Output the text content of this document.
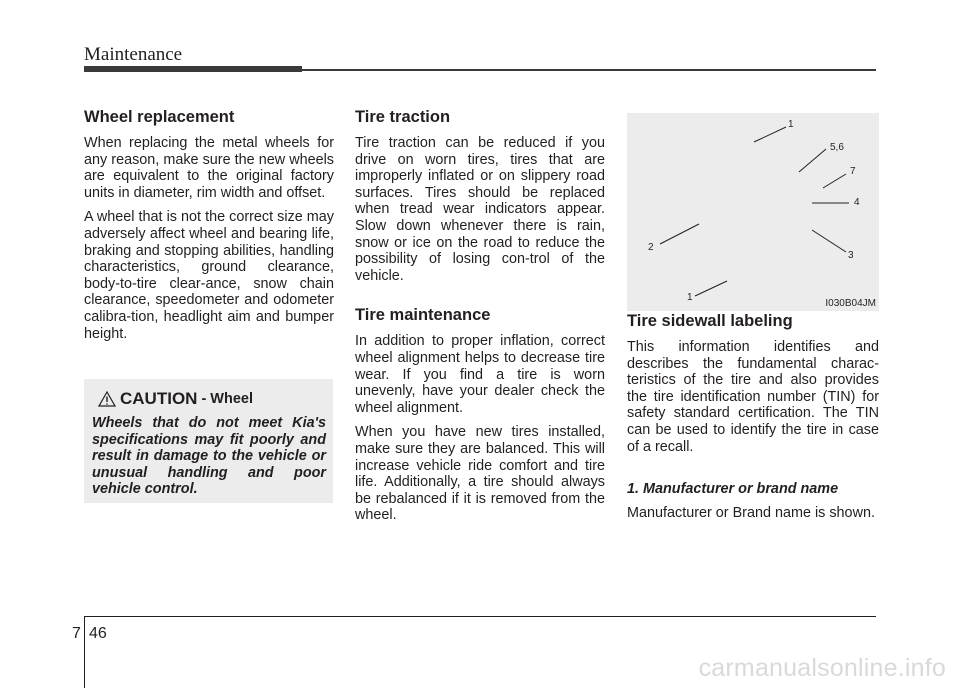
Maintenance
Wheel replacement

When replacing the metal wheels for any reason, make sure the new wheels are equivalent to the original factory units in diameter, rim width and offset.

A wheel that is not the correct size may adversely affect wheel and bearing life, braking and stopping abilities, handling characteristics, ground clearance, body-to-tire clear-ance, snow chain clearance, speedometer and odometer calibra-tion, headlight aim and bumper height.

CAUTION - Wheel
Wheels that do not meet Kia's specifications may fit poorly and result in damage to the vehicle or unusual handling and poor vehicle control.
Tire traction

Tire traction can be reduced if you drive on worn tires, tires that are improperly inflated or on slippery road surfaces. Tires should be replaced when tread wear indicators appear. Slow down whenever there is rain, snow or ice on the road to reduce the possibility of losing con-trol of the vehicle.

Tire maintenance

In addition to proper inflation, correct wheel alignment helps to decrease tire wear. If you find a tire is worn unevenly, have your dealer check the wheel alignment.

When you have new tires installed, make sure they are balanced. This will increase vehicle ride comfort and tire life. Additionally, a tire should always be rebalanced if it is removed from the wheel.

1
5,6
7
4
3
2
1
I030B04JM
Tire sidewall labeling

This information identifies and describes the fundamental charac-teristics of the tire and also provides the tire identification number (TIN) for safety standard certification. The TIN can be used to identify the tire in case of a recall.

1. Manufacturer or brand name

Manufacturer or Brand name is shown.

7 46
carmanualsonline.info
